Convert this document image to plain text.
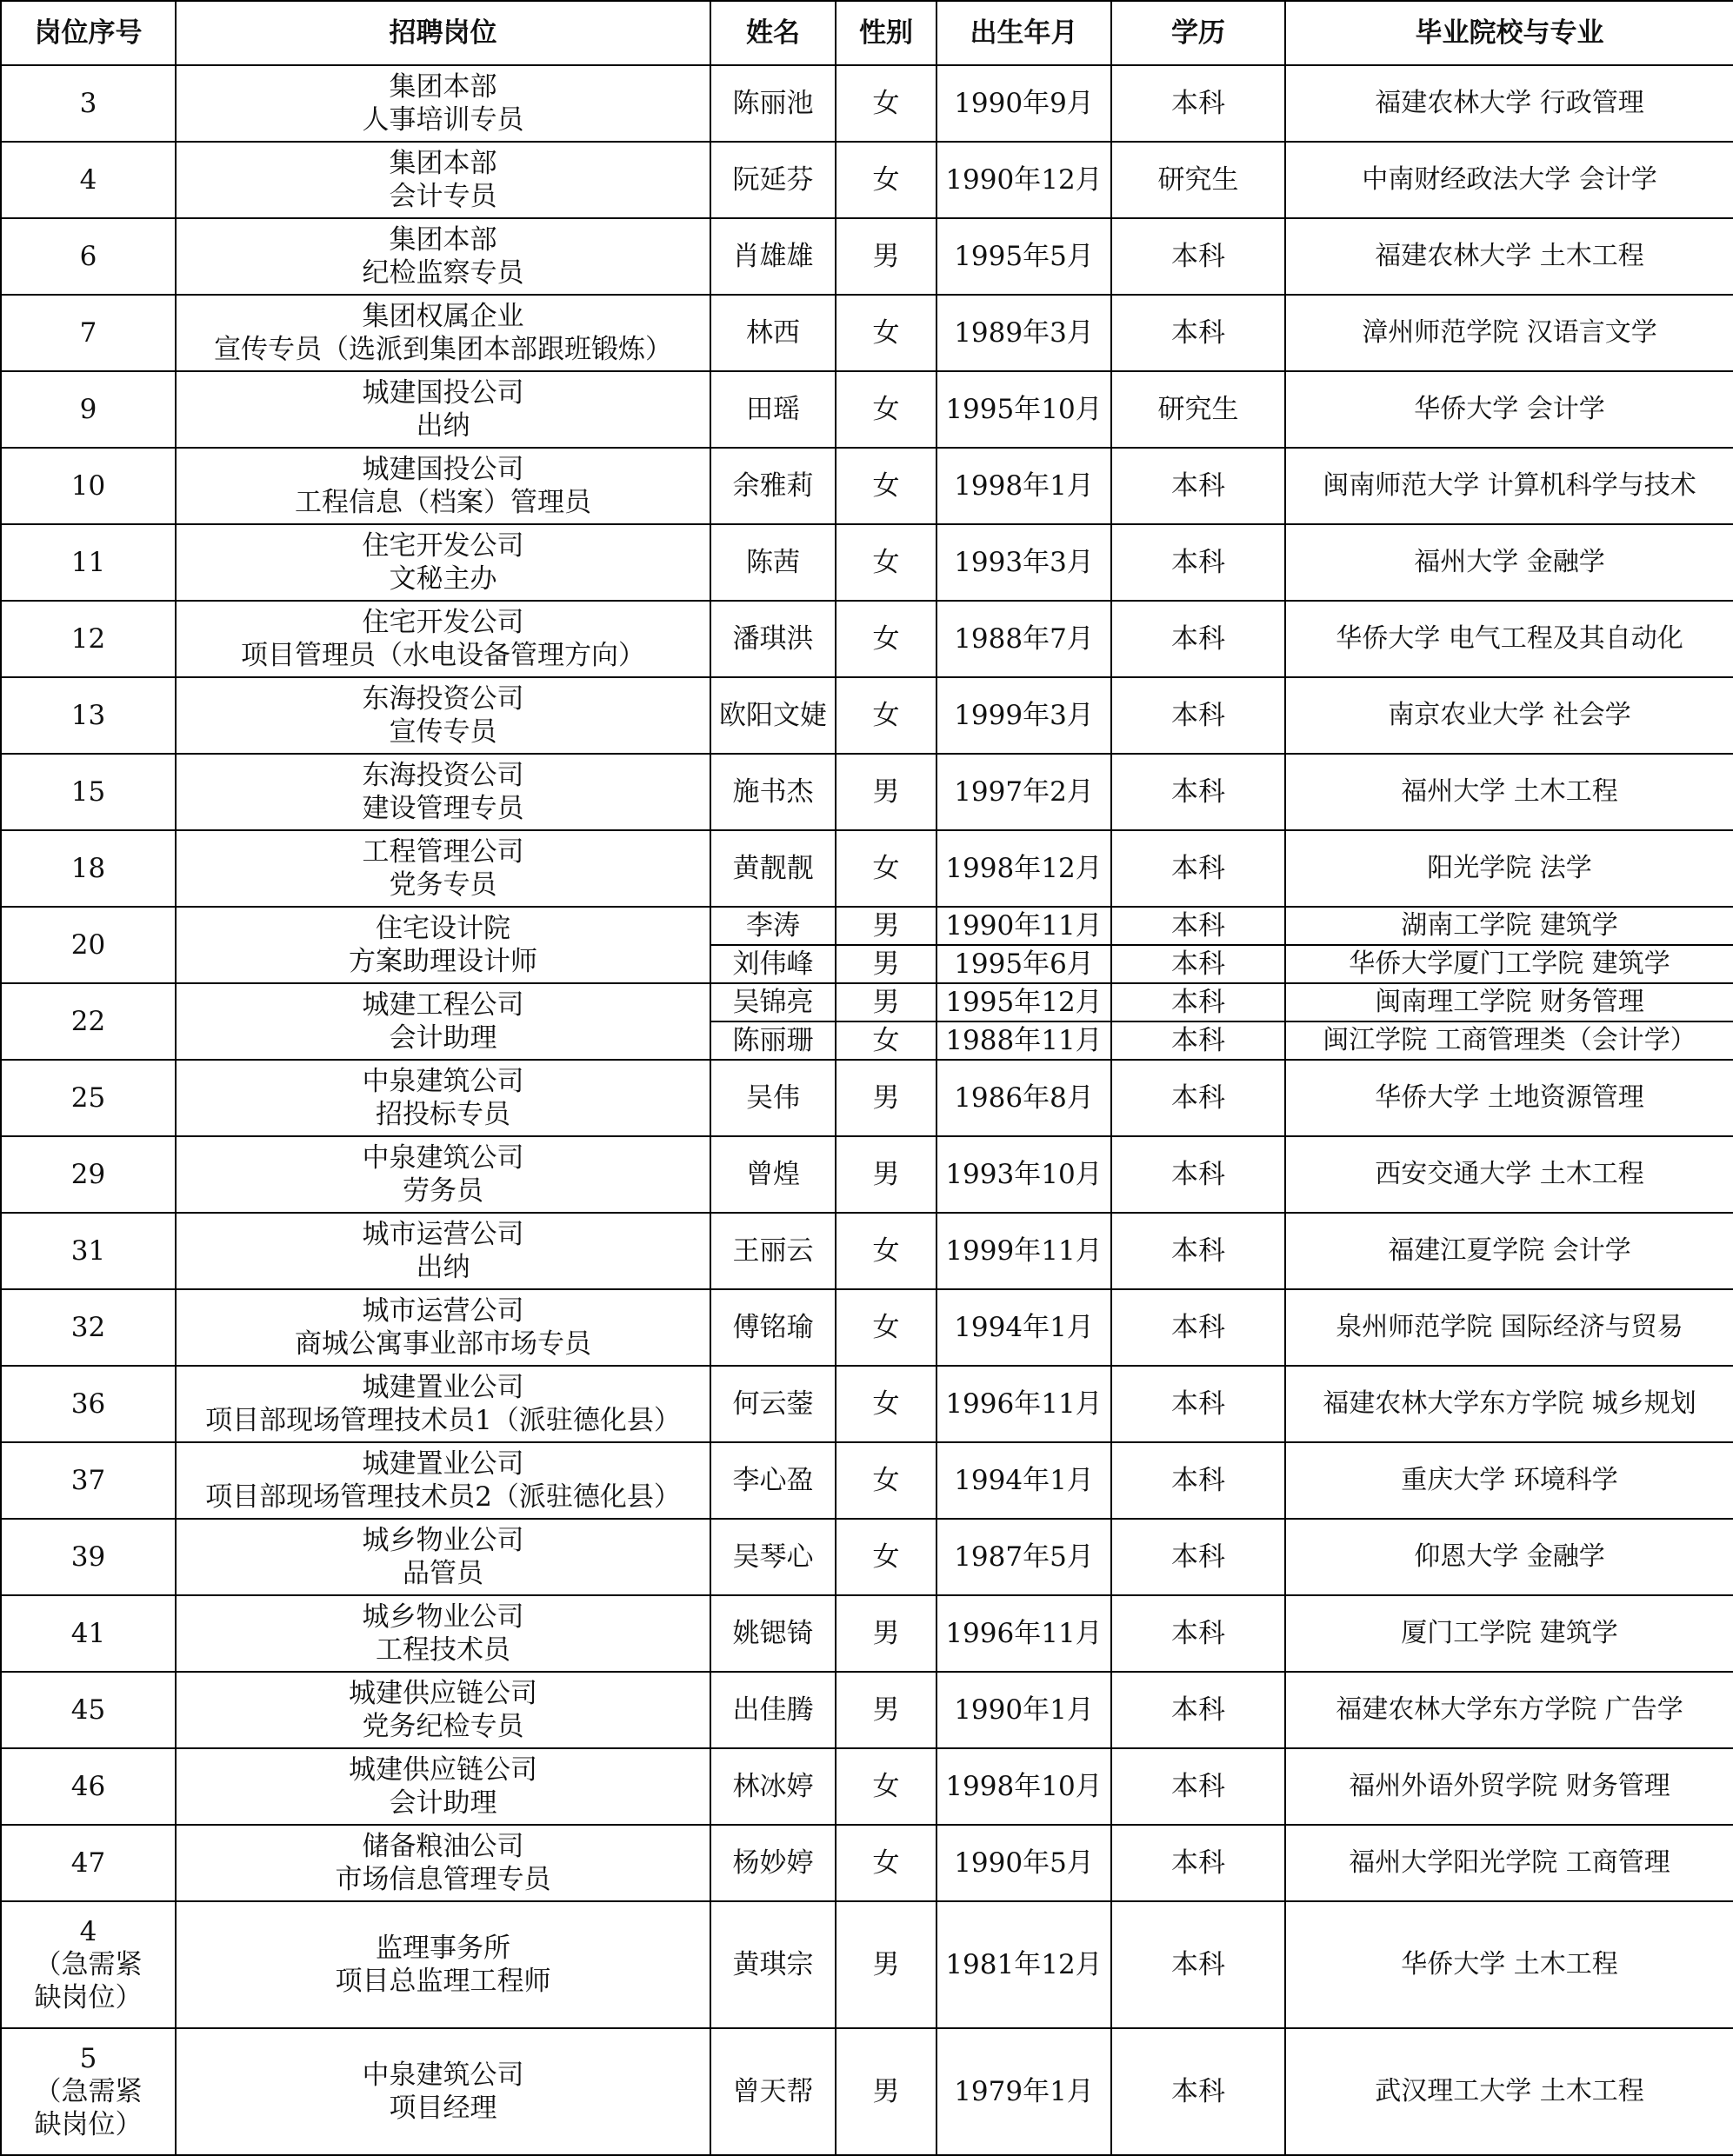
岗位序号	招聘岗位	姓名	性别	出生年月	学历	毕业院校与专业

3	集团本部
人事培训专员	陈丽池	女	1990年9月	本科	福建农林大学 行政管理

4	集团本部
会计专员	阮延芬	女	1990年12月	研究生	中南财经政法大学 会计学

6	集团本部
纪检监察专员	肖雄雄	男	1995年5月	本科	福建农林大学 土木工程

7	集团权属企业
宣传专员（选派到集团本部跟班锻炼）	林西	女	1989年3月	本科	漳州师范学院 汉语言文学

9	城建国投公司
出纳	田瑶	女	1995年10月	研究生	华侨大学 会计学

10	城建国投公司
工程信息（档案）管理员	余雅莉	女	1998年1月	本科	闽南师范大学 计算机科学与技术

11	住宅开发公司
文秘主办	陈茜	女	1993年3月	本科	福州大学 金融学

12	住宅开发公司
项目管理员（水电设备管理方向）	潘琪洪	女	1988年7月	本科	华侨大学 电气工程及其自动化

13	东海投资公司
宣传专员	欧阳文婕	女	1999年3月	本科	南京农业大学 社会学

15	东海投资公司
建设管理专员	施书杰	男	1997年2月	本科	福州大学 土木工程

18	工程管理公司
党务专员	黄靓靓	女	1998年12月	本科	阳光学院 法学

20	住宅设计院
方案助理设计师	李涛	男	1990年11月	本科	湖南工学院 建筑学

		刘伟峰	男	1995年6月	本科	华侨大学厦门工学院 建筑学

22	城建工程公司
会计助理	吴锦亮	男	1995年12月	本科	闽南理工学院 财务管理

		陈丽珊	女	1988年11月	本科	闽江学院 工商管理类（会计学）

25	中泉建筑公司
招投标专员	吴伟	男	1986年8月	本科	华侨大学 土地资源管理

29	中泉建筑公司
劳务员	曾煌	男	1993年10月	本科	西安交通大学 土木工程

31	城市运营公司
出纳	王丽云	女	1999年11月	本科	福建江夏学院 会计学

32	城市运营公司
商城公寓事业部市场专员	傅铭瑜	女	1994年1月	本科	泉州师范学院 国际经济与贸易

36	城建置业公司
项目部现场管理技术员1（派驻德化县）	何云蓥	女	1996年11月	本科	福建农林大学东方学院 城乡规划

37	城建置业公司
项目部现场管理技术员2（派驻德化县）	李心盈	女	1994年1月	本科	重庆大学 环境科学

39	城乡物业公司
品管员	吴琴心	女	1987年5月	本科	仰恩大学 金融学

41	城乡物业公司
工程技术员	姚锶锜	男	1996年11月	本科	厦门工学院 建筑学

45	城建供应链公司
党务纪检专员	出佳腾	男	1990年1月	本科	福建农林大学东方学院 广告学

46	城建供应链公司
会计助理	林冰婷	女	1998年10月	本科	福州外语外贸学院 财务管理

47	储备粮油公司
市场信息管理专员	杨妙婷	女	1990年5月	本科	福州大学阳光学院 工商管理

4
（急需紧
缺岗位）	监理事务所
项目总监理工程师	黄琪宗	男	1981年12月	本科	华侨大学 土木工程

5
（急需紧
缺岗位）	中泉建筑公司
项目经理	曾天帮	男	1979年1月	本科	武汉理工大学 土木工程
